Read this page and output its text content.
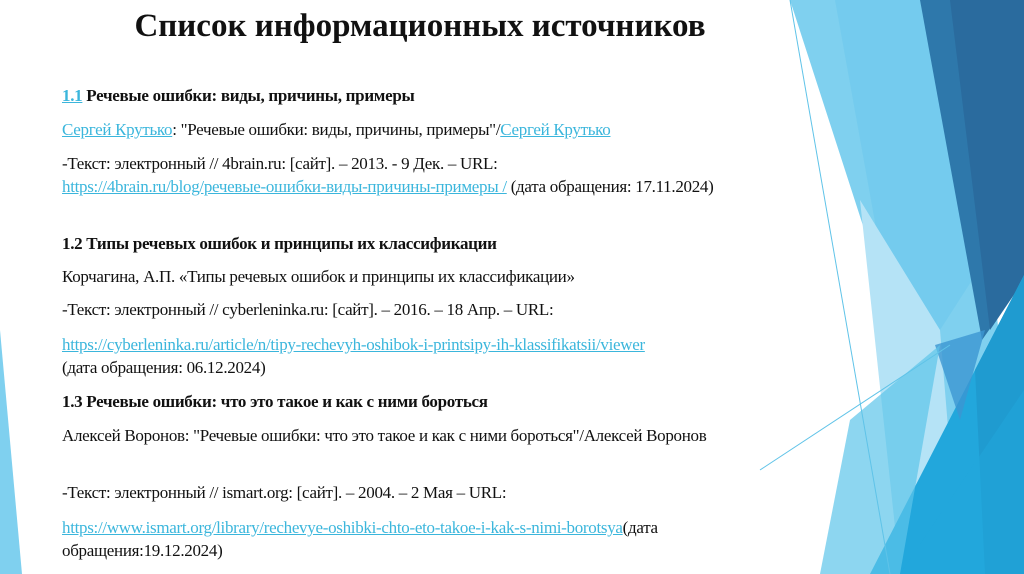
Список информационных источников
1.1 Речевые ошибки: виды, причины, примеры
Сергей Крутько: "Речевые ошибки: виды, причины, примеры"/Сергей Крутько
-Текст: электронный // 4brain.ru: [сайт]. – 2013. - 9 Дек. – URL:
https://4brain.ru/blog/речевые-ошибки-виды-причины-примеры / (дата обращения: 17.11.2024)
1.2 Типы речевых ошибок и принципы их классификации
Корчагина, А.П. «Типы речевых ошибок и принципы их классификации»
-Текст: электронный // cyberleninka.ru: [сайт]. – 2016. – 18 Апр. – URL:
https://cyberleninka.ru/article/n/tipy-rechevyh-oshibok-i-printsipy-ih-klassifikatsii/viewer
(дата обращения: 06.12.2024)
1.3 Речевые ошибки: что это такое и как с ними бороться
Алексей Воронов: "Речевые ошибки: что это такое и как с ними бороться"/Алексей Воронов
-Текст: электронный // ismart.org: [сайт]. – 2004. – 2 Мая – URL:
https://www.ismart.org/library/rechevye-oshibki-chto-eto-takoe-i-kak-s-nimi-borotsya(дата обращения:19.12.2024)
